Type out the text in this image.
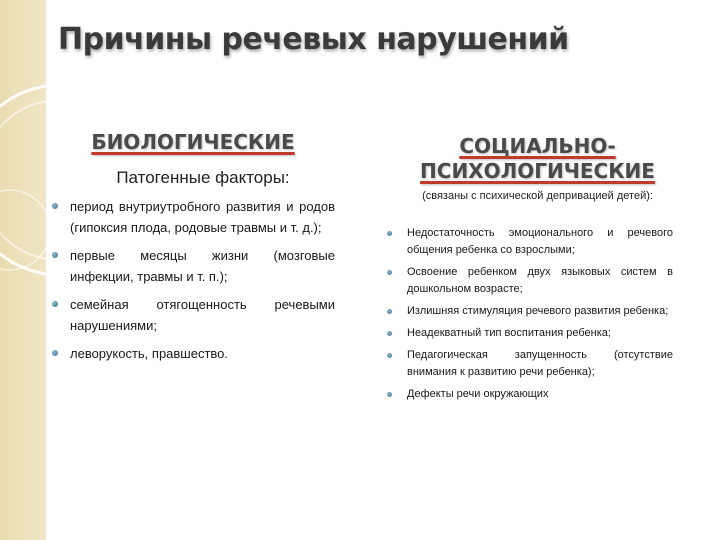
Причины речевых нарушений
БИОЛОГИЧЕСКИЕ
Патогенные факторы:
период внутриутробного развития и родов (гипоксия плода, родовые травмы и т. д.);
первые месяцы жизни (мозговые инфекции, травмы и т. п.);
семейная отягощенность речевыми нарушениями;
леворукость, правшество.
СОЦИАЛЬНО-ПСИХОЛОГИЧЕСКИЕ
(связаны с психической депривацией детей):
Недостаточность эмоционального и речевого общения ребенка со взрослыми;
Освоение ребенком двух языковых систем в дошкольном возрасте;
Излишняя стимуляция речевого развития ребенка;
Неадекватный тип воспитания ребенка;
Педагогическая запущенность (отсутствие внимания к развитию речи ребенка);
Дефекты речи окружающих
